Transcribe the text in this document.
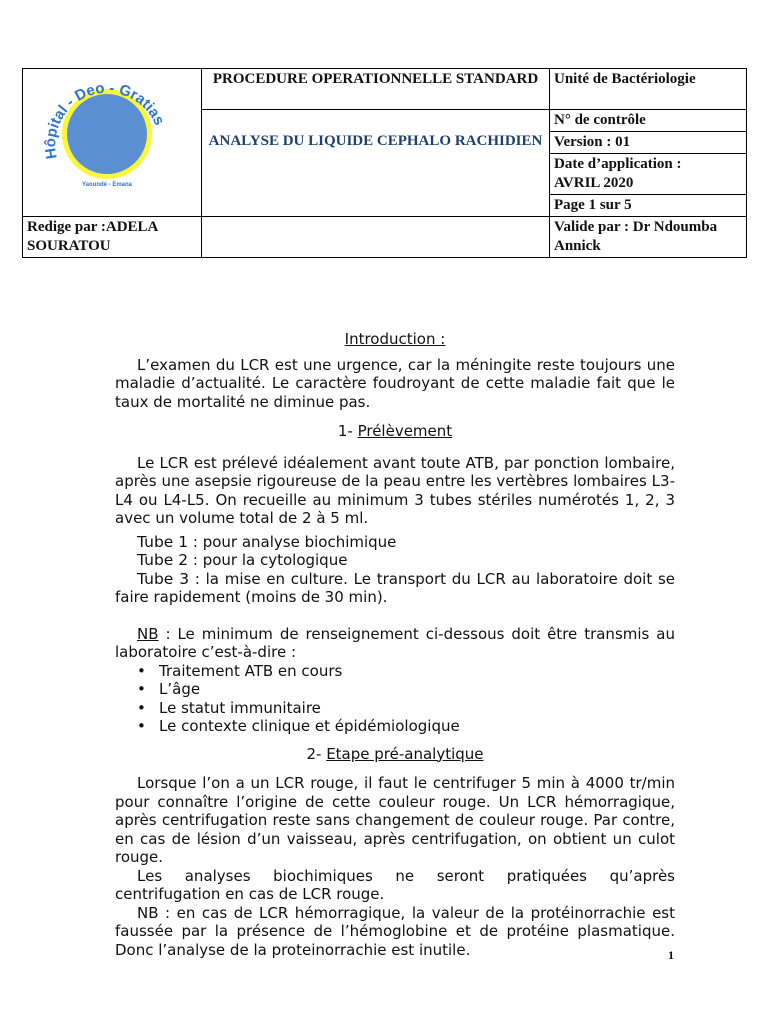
Hôpital - Deo - Gratias
Yaoundé - Emana	PROCEDURE OPERATIONNELLE STANDARD	Unité de Bactériologie
	ANALYSE DU LIQUIDE CEPHALO RACHIDIEN	N° de contrôle
		Version : 01

		Date d’application :
AVRIL 2020

		Page 1 sur 5
Redige par :ADELA SOURATOU		Valide par : Dr Ndoumba Annick

Introduction :

L’examen du LCR est une urgence, car la méningite reste toujours une maladie d’actualité. Le caractère foudroyant de cette maladie fait que le taux de mortalité ne diminue pas.

1- Prélèvement

Le LCR est prélevé idéalement avant toute ATB, par ponction lombaire, après une asepsie rigoureuse de la peau entre les vertèbres lombaires L3-L4 ou L4-L5. On recueille au minimum 3 tubes stériles numérotés 1, 2, 3 avec un volume total de 2 à 5 ml.

Tube 1 : pour analyse biochimique

Tube 2 : pour la cytologique

Tube 3 : la mise en culture. Le transport du LCR au laboratoire doit se faire rapidement (moins de 30 min).

NB : Le minimum de renseignement ci-dessous doit être transmis au laboratoire c’est-à-dire :

• Traitement ATB en cours
• L’âge
• Le statut immunitaire
• Le contexte clinique et épidémiologique

2- Etape pré-analytique

Lorsque l’on a un LCR rouge, il faut le centrifuger 5 min à 4000 tr/min pour connaître l’origine de cette couleur rouge. Un LCR hémorragique, après centrifugation reste sans changement de couleur rouge. Par contre, en cas de lésion d’un vaisseau, après centrifugation, on obtient un culot rouge.

Les analyses biochimiques ne seront pratiquées qu’après centrifugation en cas de LCR rouge.

NB : en cas de LCR hémorragique, la valeur de la protéinorrachie est faussée par la présence de l’hémoglobine et de protéine plasmatique. Donc l’analyse de la proteinorrachie est inutile.	1
